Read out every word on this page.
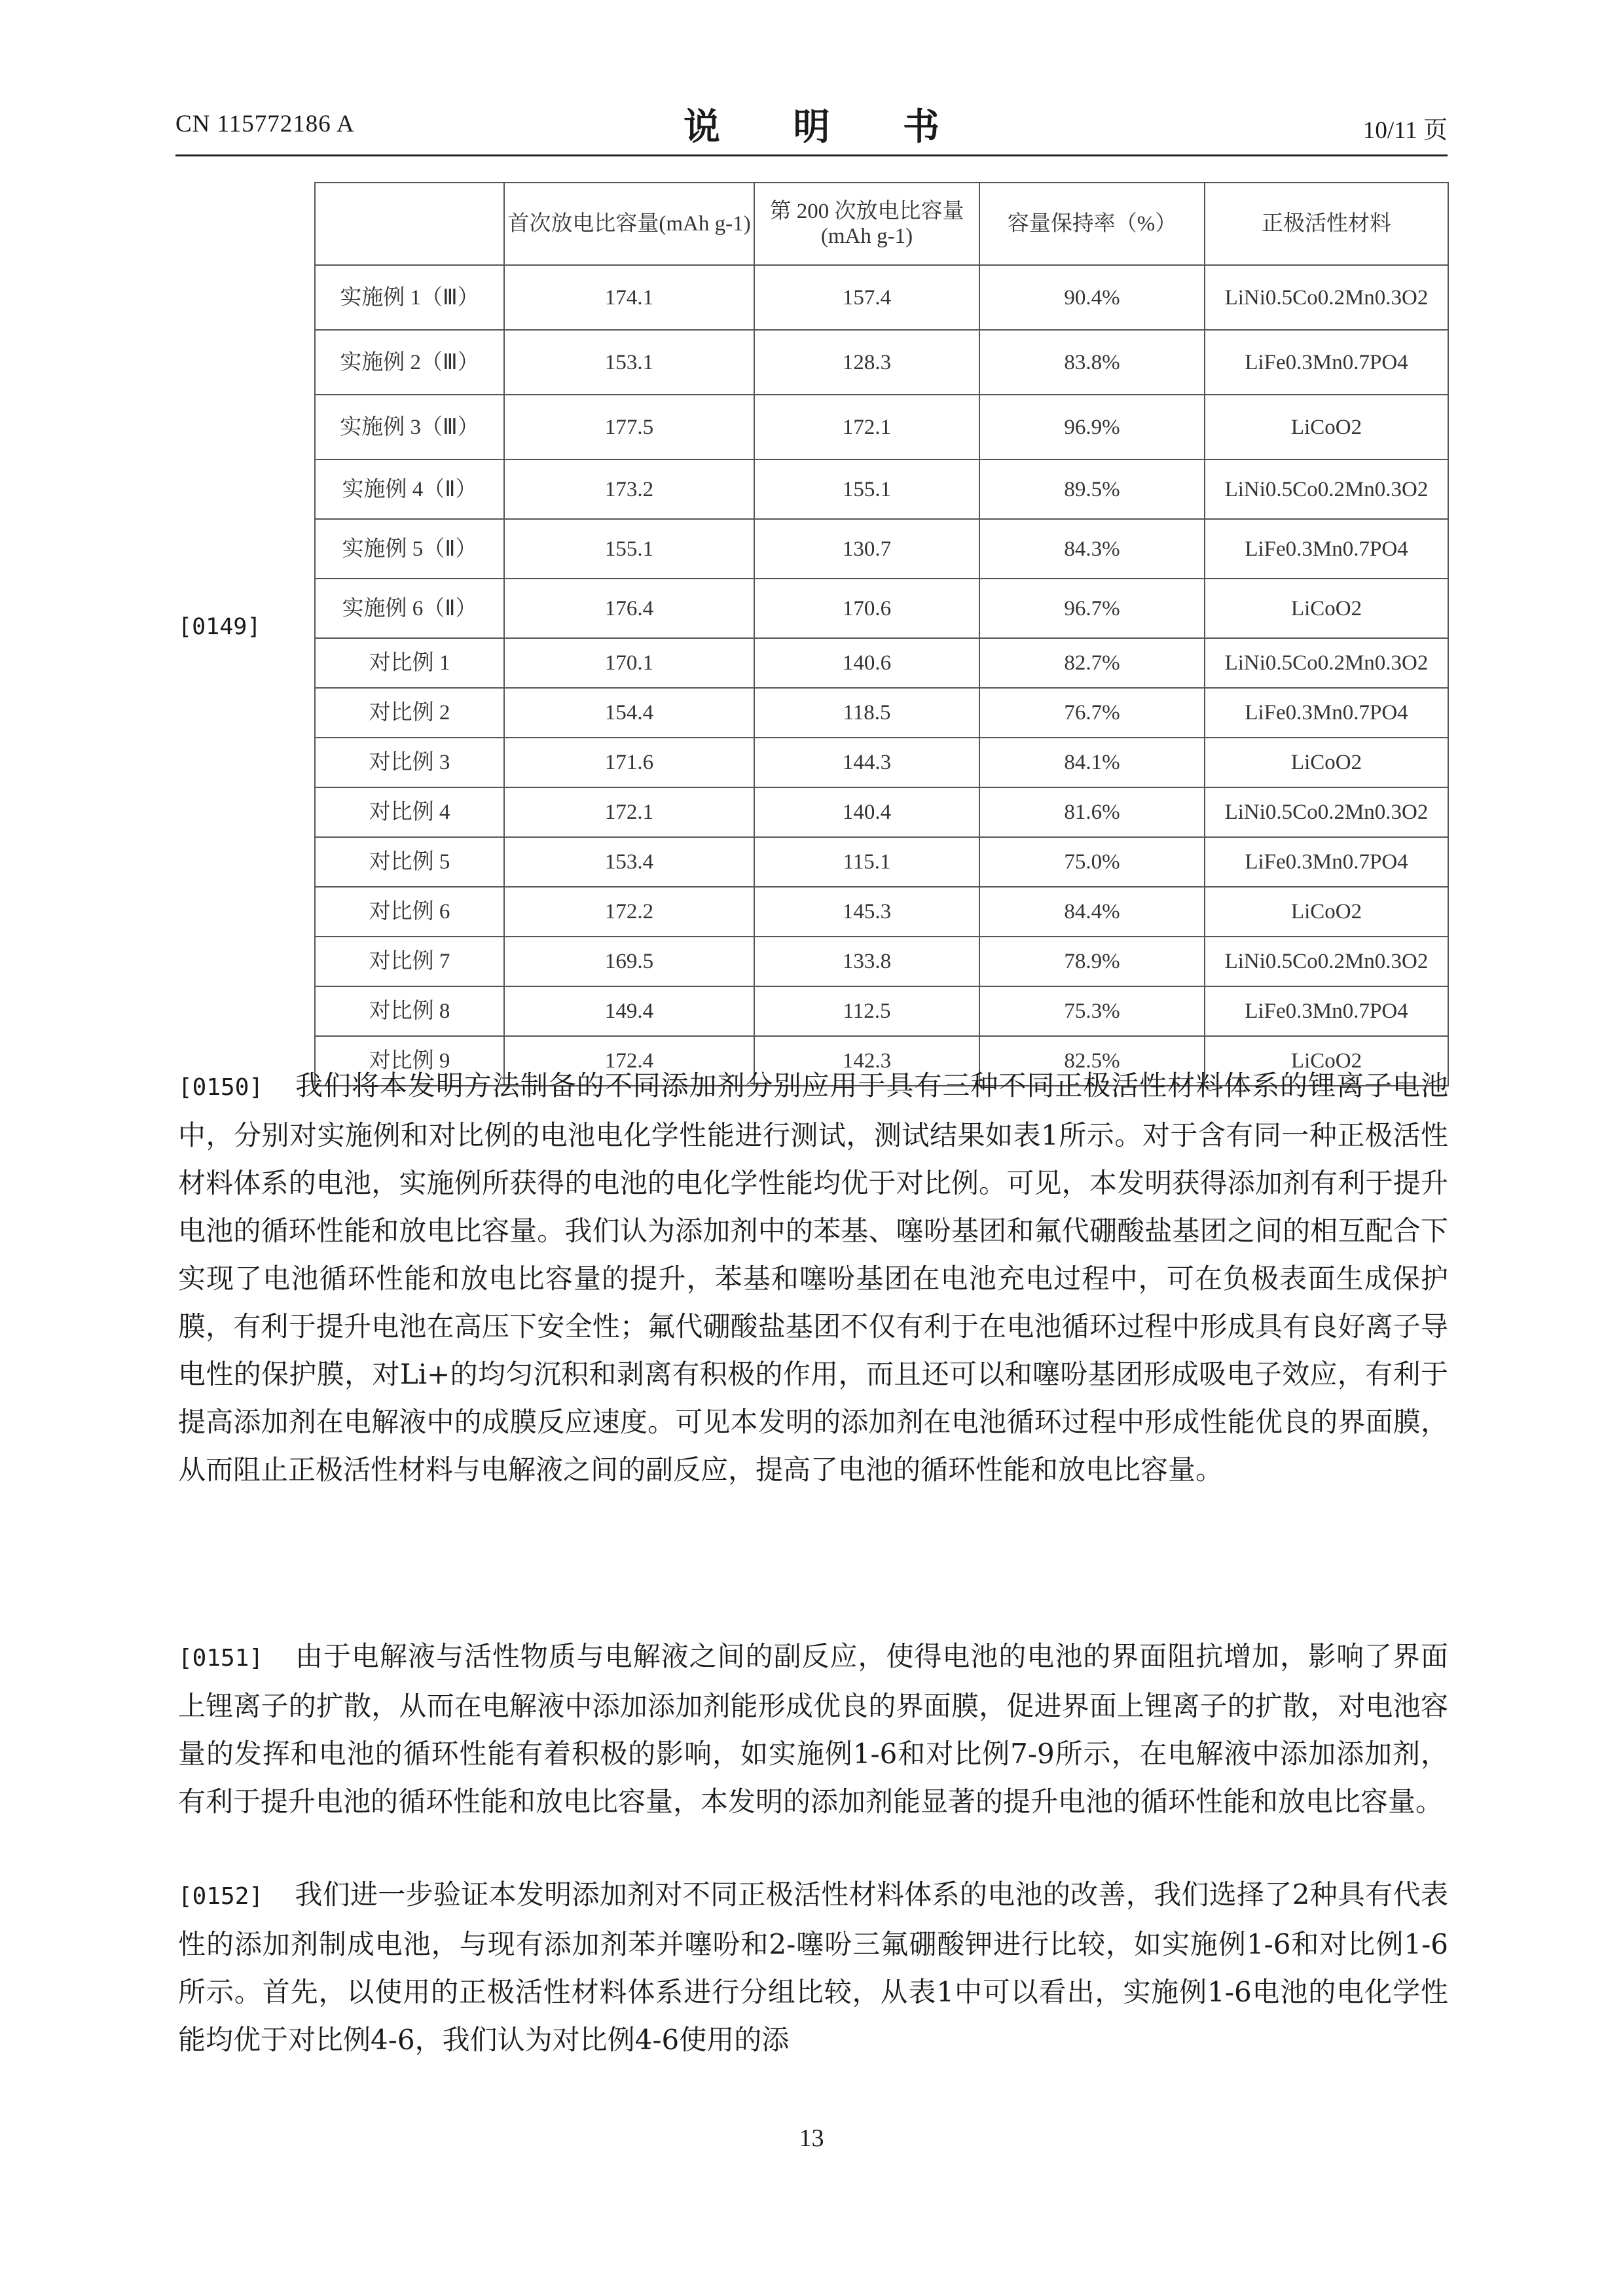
CN 115772186 A	说 明 书	10/11 页
[0149]
	首次放电比容量(mAh g-1)	第 200 次放电比容量(mAh g-1)	容量保持率（%）	正极活性材料
实施例 1（Ⅲ）	174.1	157.4	90.4%	LiNi0.5Co0.2Mn0.3O2
实施例 2（Ⅲ）	153.1	128.3	83.8%	LiFe0.3Mn0.7PO4
实施例 3（Ⅲ）	177.5	172.1	96.9%	LiCoO2
实施例 4（Ⅱ）	173.2	155.1	89.5%	LiNi0.5Co0.2Mn0.3O2
实施例 5（Ⅱ）	155.1	130.7	84.3%	LiFe0.3Mn0.7PO4
实施例 6（Ⅱ）	176.4	170.6	96.7%	LiCoO2
对比例 1	170.1	140.6	82.7%	LiNi0.5Co0.2Mn0.3O2
对比例 2	154.4	118.5	76.7%	LiFe0.3Mn0.7PO4
对比例 3	171.6	144.3	84.1%	LiCoO2
对比例 4	172.1	140.4	81.6%	LiNi0.5Co0.2Mn0.3O2
对比例 5	153.4	115.1	75.0%	LiFe0.3Mn0.7PO4
对比例 6	172.2	145.3	84.4%	LiCoO2
对比例 7	169.5	133.8	78.9%	LiNi0.5Co0.2Mn0.3O2
对比例 8	149.4	112.5	75.3%	LiFe0.3Mn0.7PO4
对比例 9	172.4	142.3	82.5%	LiCoO2
[0150] 我们将本发明方法制备的不同添加剂分别应用于具有三种不同正极活性材料体系的锂离子电池中，分别对实施例和对比例的电池电化学性能进行测试，测试结果如表1所示。对于含有同一种正极活性材料体系的电池，实施例所获得的电池的电化学性能均优于对比例。可见，本发明获得添加剂有利于提升电池的循环性能和放电比容量。我们认为添加剂中的苯基、噻吩基团和氟代硼酸盐基团之间的相互配合下实现了电池循环性能和放电比容量的提升，苯基和噻吩基团在电池充电过程中，可在负极表面生成保护膜，有利于提升电池在高压下安全性；氟代硼酸盐基团不仅有利于在电池循环过程中形成具有良好离子导电性的保护膜，对Li+的均匀沉积和剥离有积极的作用，而且还可以和噻吩基团形成吸电子效应，有利于提高添加剂在电解液中的成膜反应速度。可见本发明的添加剂在电池循环过程中形成性能优良的界面膜，从而阻止正极活性材料与电解液之间的副反应，提高了电池的循环性能和放电比容量。
[0151] 由于电解液与活性物质与电解液之间的副反应，使得电池的电池的界面阻抗增加，影响了界面上锂离子的扩散，从而在电解液中添加添加剂能形成优良的界面膜，促进界面上锂离子的扩散，对电池容量的发挥和电池的循环性能有着积极的影响，如实施例1-6和对比例7-9所示，在电解液中添加添加剂，有利于提升电池的循环性能和放电比容量，本发明的添加剂能显著的提升电池的循环性能和放电比容量。
[0152] 我们进一步验证本发明添加剂对不同正极活性材料体系的电池的改善，我们选择了2种具有代表性的添加剂制成电池，与现有添加剂苯并噻吩和2-噻吩三氟硼酸钾进行比较，如实施例1-6和对比例1-6所示。首先，以使用的正极活性材料体系进行分组比较，从表1中可以看出，实施例1-6电池的电化学性能均优于对比例4-6，我们认为对比例4-6使用的添
13
